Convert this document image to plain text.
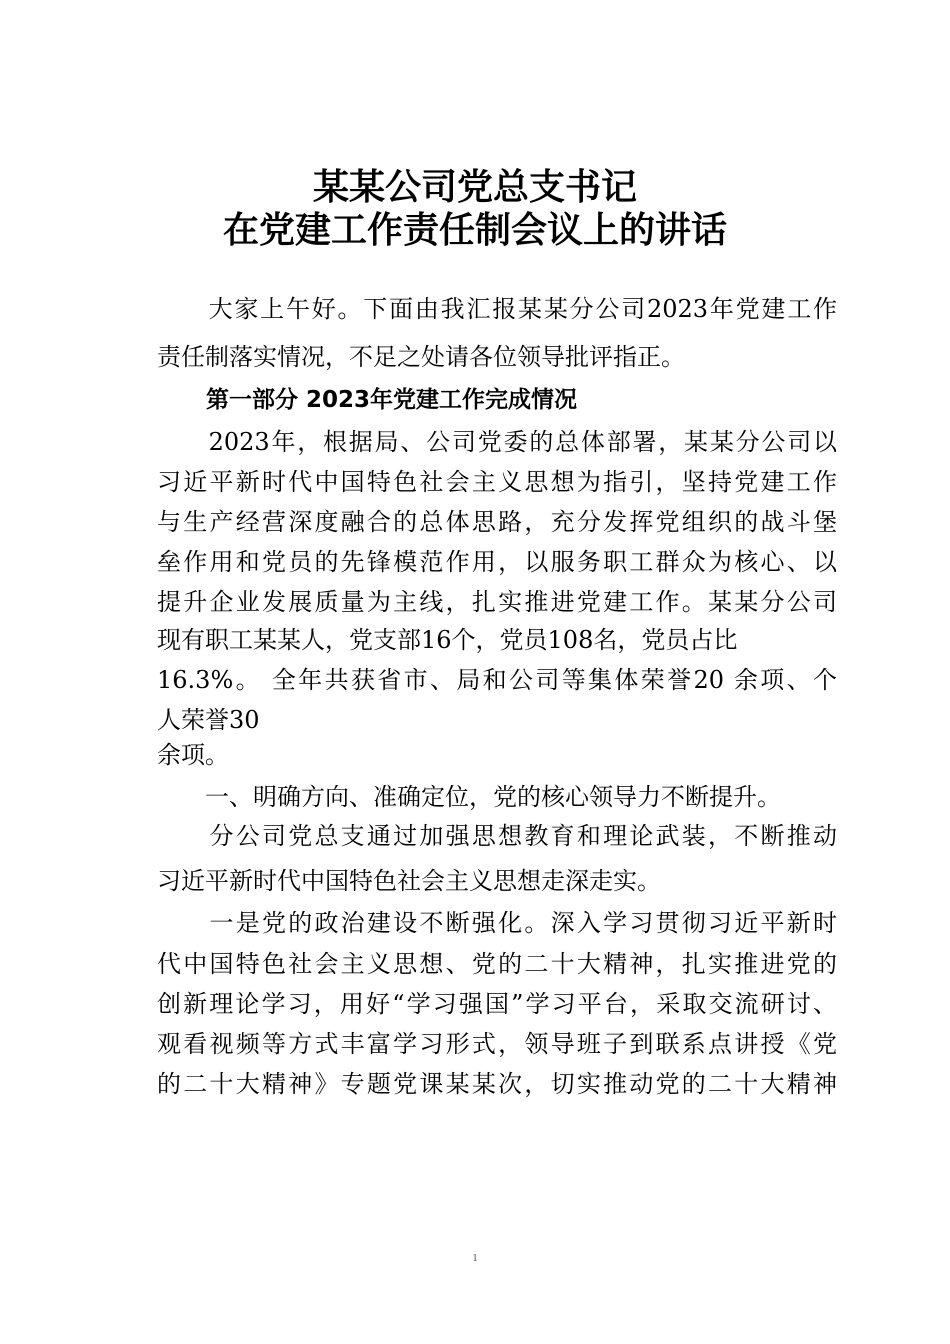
某某公司党总支书记
在党建工作责任制会议上的讲话

　　大家上午好。下面由我汇报某某分公司2023年党建工作

责任制落实情况，不足之处请各位领导批评指正。

第一部分 2023年党建工作完成情况

　　2023年，根据局、公司党委的总体部署，某某分公司以

习近平新时代中国特色社会主义思想为指引，坚持党建工作

与生产经营深度融合的总体思路，充分发挥党组织的战斗堡

垒作用和党员的先锋模范作用，以服务职工群众为核心、以

提升企业发展质量为主线，扎实推进党建工作。某某分公司

现有职工某某人，党支部16个，党员108名，党员占比

16.3%。 全年共获省市、局和公司等集体荣誉20 余项、个

人荣誉30

余项。

　　一、明确方向、准确定位，党的核心领导力不断提升。

　　分公司党总支通过加强思想教育和理论武装，不断推动

习近平新时代中国特色社会主义思想走深走实。

　　一是党的政治建设不断强化。深入学习贯彻习近平新时

代中国特色社会主义思想、党的二十大精神，扎实推进党的

创新理论学习，用好“学习强国”学习平台，采取交流研讨、

观看视频等方式丰富学习形式，领导班子到联系点讲授《党

的二十大精神》专题党课某某次，切实推动党的二十大精神

1
